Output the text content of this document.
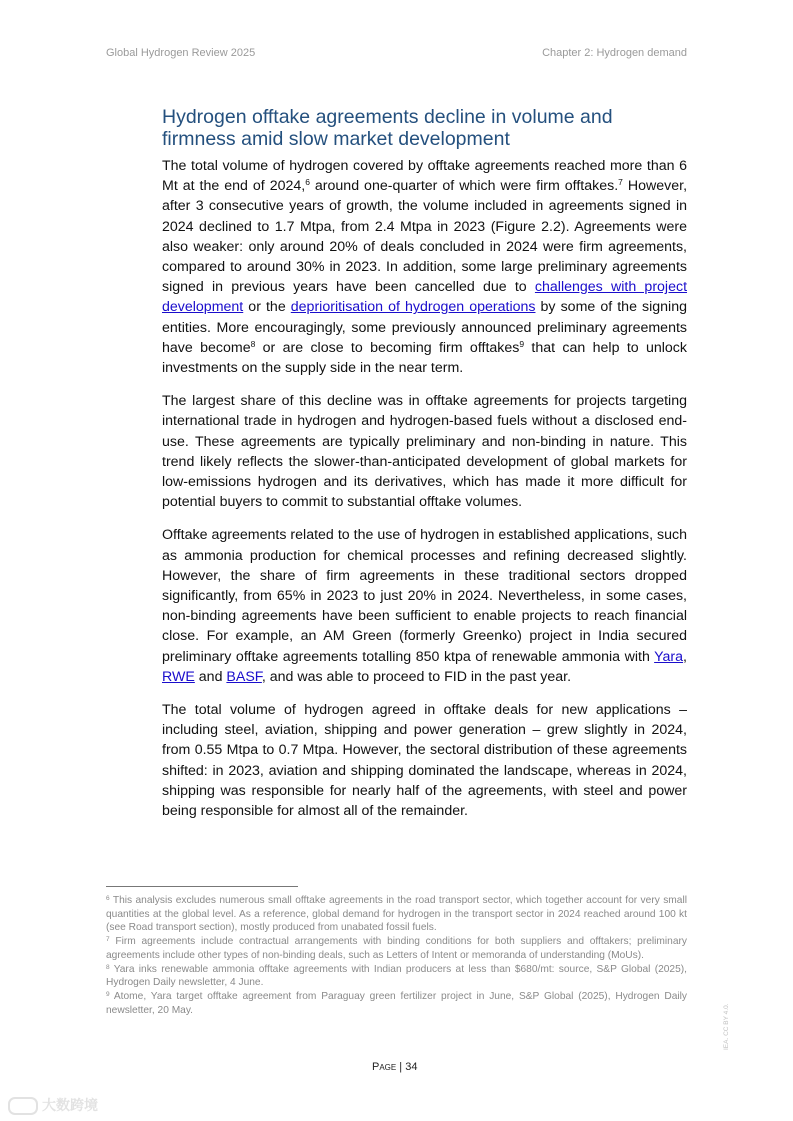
Global Hydrogen Review 2025	Chapter 2: Hydrogen demand
Hydrogen offtake agreements decline in volume and firmness amid slow market development

The total volume of hydrogen covered by offtake agreements reached more than 6 Mt at the end of 2024,$^6$ around one-quarter of which were firm offtakes.$^7$ However, after 3 consecutive years of growth, the volume included in agreements signed in 2024 declined to 1.7 Mtpa, from 2.4 Mtpa in 2023 (Figure 2.2). Agreements were also weaker: only around 20% of deals concluded in 2024 were firm agreements, compared to around 30% in 2023. In addition, some large preliminary agreements signed in previous years have been cancelled due to challenges with project development or the deprioritisation of hydrogen operations by some of the signing entities. More encouragingly, some previously announced preliminary agreements have become$^8$ or are close to becoming firm offtakes$^9$ that can help to unlock investments on the supply side in the near term.

The largest share of this decline was in offtake agreements for projects targeting international trade in hydrogen and hydrogen-based fuels without a disclosed end-use. These agreements are typically preliminary and non-binding in nature. This trend likely reflects the slower-than-anticipated development of global markets for low-emissions hydrogen and its derivatives, which has made it more difficult for potential buyers to commit to substantial offtake volumes.

Offtake agreements related to the use of hydrogen in established applications, such as ammonia production for chemical processes and refining decreased slightly. However, the share of firm agreements in these traditional sectors dropped significantly, from 65% in 2023 to just 20% in 2024. Nevertheless, in some cases, non-binding agreements have been sufficient to enable projects to reach financial close. For example, an AM Green (formerly Greenko) project in India secured preliminary offtake agreements totalling 850 ktpa of renewable ammonia with Yara, RWE and BASF, and was able to proceed to FID in the past year.

The total volume of hydrogen agreed in offtake deals for new applications – including steel, aviation, shipping and power generation – grew slightly in 2024, from 0.55 Mtpa to 0.7 Mtpa. However, the sectoral distribution of these agreements shifted: in 2023, aviation and shipping dominated the landscape, whereas in 2024, shipping was responsible for nearly half of the agreements, with steel and power being responsible for almost all of the remainder.

$^6$ This analysis excludes numerous small offtake agreements in the road transport sector, which together account for very small quantities at the global level. As a reference, global demand for hydrogen in the transport sector in 2024 reached around 100 kt (see Road transport section), mostly produced from unabated fossil fuels.

$^7$ Firm agreements include contractual arrangements with binding conditions for both suppliers and offtakers; preliminary agreements include other types of non-binding deals, such as Letters of Intent or memoranda of understanding (MoUs).

$^8$ Yara inks renewable ammonia offtake agreements with Indian producers at less than $680/mt: source, S&P Global (2025), Hydrogen Daily newsletter, 4 June.

$^9$ Atome, Yara target offtake agreement from Paraguay green fertilizer project in June, S&P Global (2025), Hydrogen Daily newsletter, 20 May.

Page | 34
IEA. CC BY 4.0.
大数跨境
